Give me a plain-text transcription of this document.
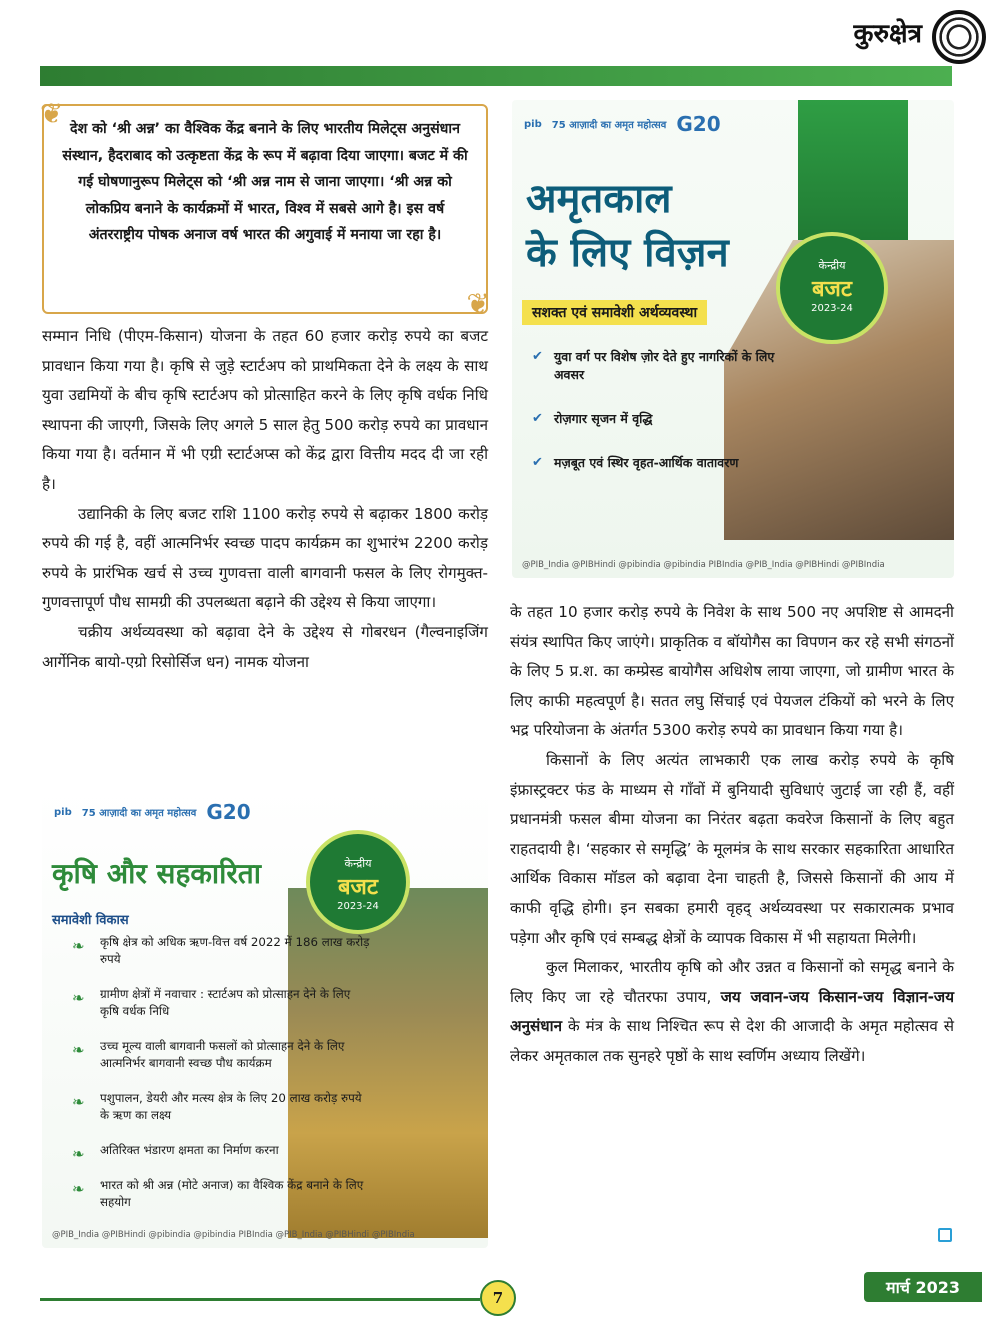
कुरुक्षेत्र
❦
❦

देश को ‘श्री अन्न’ का वैश्विक केंद्र बनाने के लिए भारतीय मिलेट्स अनुसंधान संस्थान, हैदराबाद को उत्कृष्टता केंद्र के रूप में बढ़ावा दिया जाएगा। बजट में की गई घोषणानुरूप मिलेट्स को ‘श्री अन्न नाम से जाना जाएगा। ‘श्री अन्न को लोकप्रिय बनाने के कार्यक्रमों में भारत, विश्व में सबसे आगे है। इस वर्ष अंतरराष्ट्रीय पोषक अनाज वर्ष भारत की अगुवाई में मनाया जा रहा है।

pib 75 आज़ादी का अमृत महोत्सव G20
अमृतकाल
के लिए विज़न	केन्द्रीय
बजट
2023-24
सशक्त एवं समावेशी अर्थव्यवस्था
✔ युवा वर्ग पर विशेष ज़ोर देते हुए नागरिकों के लिए अवसर
✔ रोज़गार सृजन में वृद्धि
✔ मज़बूत एवं स्थिर वृहत-आर्थिक वातावरण
@PIB_India @PIBHindi @pibindia @pibindia PIBIndia @PIB_India @PIBHindi @PIBIndia

सम्मान निधि (पीएम-किसान) योजना के तहत 60 हजार करोड़ रुपये का बजट प्रावधान किया गया है। कृषि से जुड़े स्टार्टअप को प्राथमिकता देने के लक्ष्य के साथ युवा उद्यमियों के बीच कृषि स्टार्टअप को प्रोत्साहित करने के लिए कृषि वर्धक निधि स्थापना की जाएगी, जिसके लिए अगले 5 साल हेतु 500 करोड़ रुपये का प्रावधान किया गया है। वर्तमान में भी एग्री स्टार्टअप्स को केंद्र द्वारा वित्तीय मदद दी जा रही है।

उद्यानिकी के लिए बजट राशि 1100 करोड़ रुपये से बढ़ाकर 1800 करोड़ रुपये की गई है, वहीं आत्मनिर्भर स्वच्छ पादप कार्यक्रम का शुभारंभ 2200 करोड़ रुपये के प्रारंभिक खर्च से उच्च गुणवत्ता वाली बागवानी फसल के लिए रोगमुक्त-गुणवत्तापूर्ण पौध सामग्री की उपलब्धता बढ़ाने की उद्देश्य से किया जाएगा।

चक्रीय अर्थव्यवस्था को बढ़ावा देने के उद्देश्य से गोबरधन (गैल्वनाइजिंग आर्गेनिक बायो-एग्रो रिसोर्सिज धन) नामक योजना

के तहत 10 हजार करोड़ रुपये के निवेश के साथ 500 नए अपशिष्ट से आमदनी संयंत्र स्थापित किए जाएंगे। प्राकृतिक व बॉयोगैस का विपणन कर रहे सभी संगठनों के लिए 5 प्र.श. का कम्प्रेस्ड बायोगैस अधिशेष लाया जाएगा, जो ग्रामीण भारत के लिए काफी महत्वपूर्ण है। सतत लघु सिंचाई एवं पेयजल टंकियों को भरने के लिए भद्र परियोजना के अंतर्गत 5300 करोड़ रुपये का प्रावधान किया गया है।

किसानों के लिए अत्यंत लाभकारी एक लाख करोड़ रुपये के कृषि इंफ्रास्ट्रक्टर फंड के माध्यम से गाँवों में बुनियादी सुविधाएं जुटाई जा रही हैं, वहीं प्रधानमंत्री फसल बीमा योजना का निरंतर बढ़ता कवरेज किसानों के लिए बहुत राहतदायी है। ‘सहकार से समृद्धि’ के मूलमंत्र के साथ सरकार सहकारिता आधारित आर्थिक विकास मॉडल को बढ़ावा देना चाहती है, जिससे किसानों की आय में काफी वृद्धि होगी। इन सबका हमारी वृहद् अर्थव्यवस्था पर सकारात्मक प्रभाव पड़ेगा और कृषि एवं सम्बद्ध क्षेत्रों के व्यापक विकास में भी सहायता मिलेगी।

कुल मिलाकर, भारतीय कृषि को और उन्नत व किसानों को समृद्ध बनाने के लिए किए जा रहे चौतरफा उपाय, जय जवान-जय किसान-जय विज्ञान-जय अनुसंधान के मंत्र के साथ निश्चित रूप से देश की आजादी के अमृत महोत्सव से लेकर अमृतकाल तक सुनहरे पृष्ठों के साथ स्वर्णिम अध्याय लिखेंगे।

pib 75 आज़ादी का अमृत महोत्सव G20
केन्द्रीय
बजट
2023-24
कृषि और सहकारिता
समावेशी विकास
❧ कृषि क्षेत्र को अधिक ऋण-वित्त वर्ष 2022 में 186 लाख करोड़ रुपये
❧ ग्रामीण क्षेत्रों में नवाचार : स्टार्टअप को प्रोत्साहन देने के लिए कृषि वर्धक निधि
❧ उच्च मूल्य वाली बागवानी फसलों को प्रोत्साहन देने के लिए आत्मनिर्भर बागवानी स्वच्छ पौध कार्यक्रम
❧ पशुपालन, डेयरी और मत्स्य क्षेत्र के लिए 20 लाख करोड़ रुपये के ऋण का लक्ष्य
❧ अतिरिक्त भंडारण क्षमता का निर्माण करना
❧ भारत को श्री अन्न (मोटे अनाज) का वैश्विक केंद्र बनाने के लिए सहयोग
@PIB_India @PIBHindi @pibindia @pibindia PIBIndia @PIB_India @PIBHindi @PIBIndia
7
मार्च 2023
